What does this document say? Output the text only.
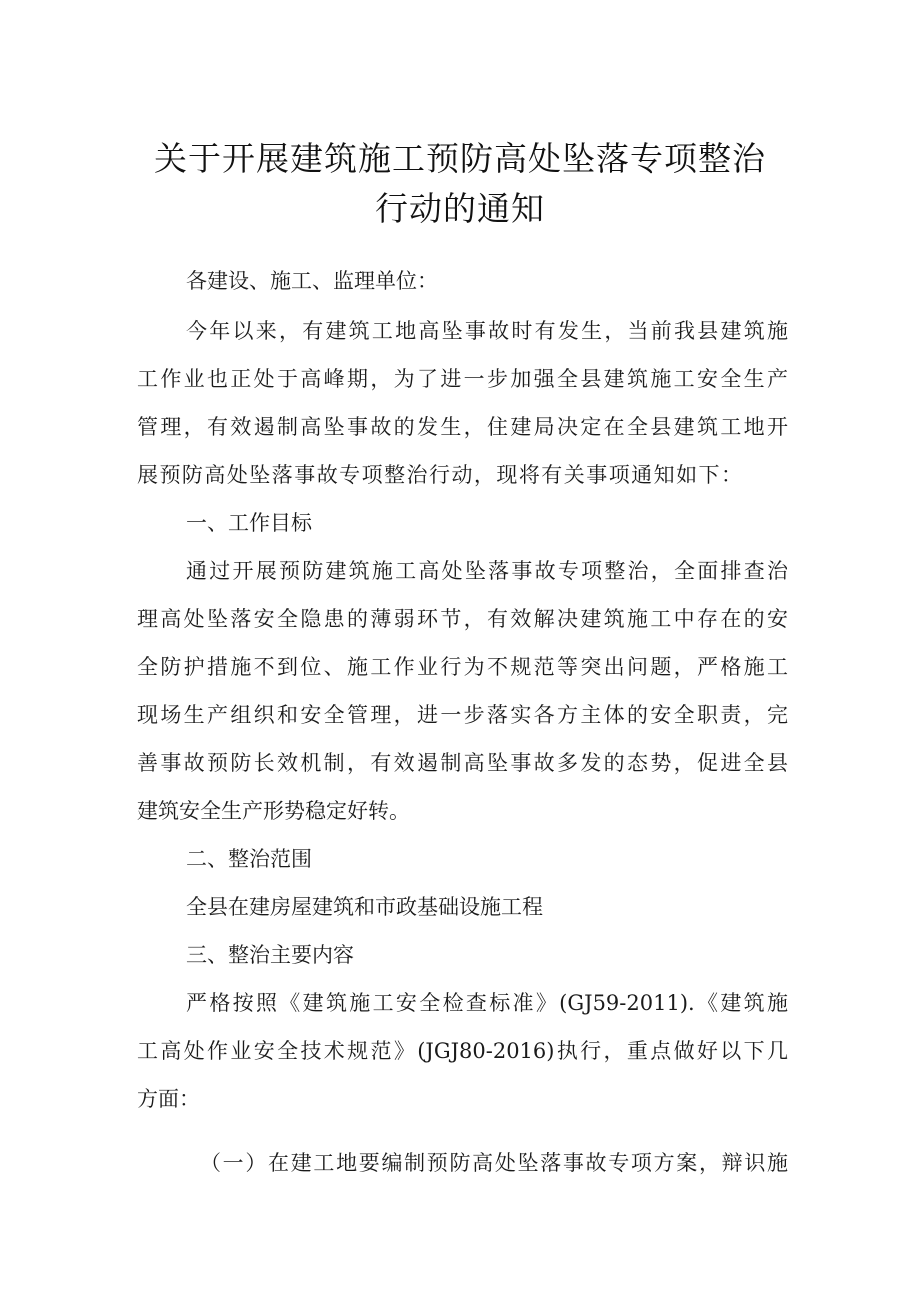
关于开展建筑施工预防高处坠落专项整治
行动的通知
各建设、施工、监理单位：
今年以来，有建筑工地高坠事故时有发生，当前我县建筑施
工作业也正处于高峰期，为了进一步加强全县建筑施工安全生产
管理，有效遏制高坠事故的发生，住建局决定在全县建筑工地开
展预防高处坠落事故专项整治行动，现将有关事项通知如下：
一、工作目标
通过开展预防建筑施工高处坠落事故专项整治，全面排查治
理高处坠落安全隐患的薄弱环节，有效解决建筑施工中存在的安
全防护措施不到位、施工作业行为不规范等突出问题，严格施工
现场生产组织和安全管理，进一步落实各方主体的安全职责，完
善事故预防长效机制，有效遏制高坠事故多发的态势，促进全县
建筑安全生产形势稳定好转。
二、整治范围
全县在建房屋建筑和市政基础设施工程
三、整治主要内容
严格按照《建筑施工安全检查标准》(GJ59-2011).《建筑施
工高处作业安全技术规范》(JGJ80-2016)执行，重点做好以下几
方面：
（一）在建工地要编制预防高处坠落事故专项方案，辩识施
